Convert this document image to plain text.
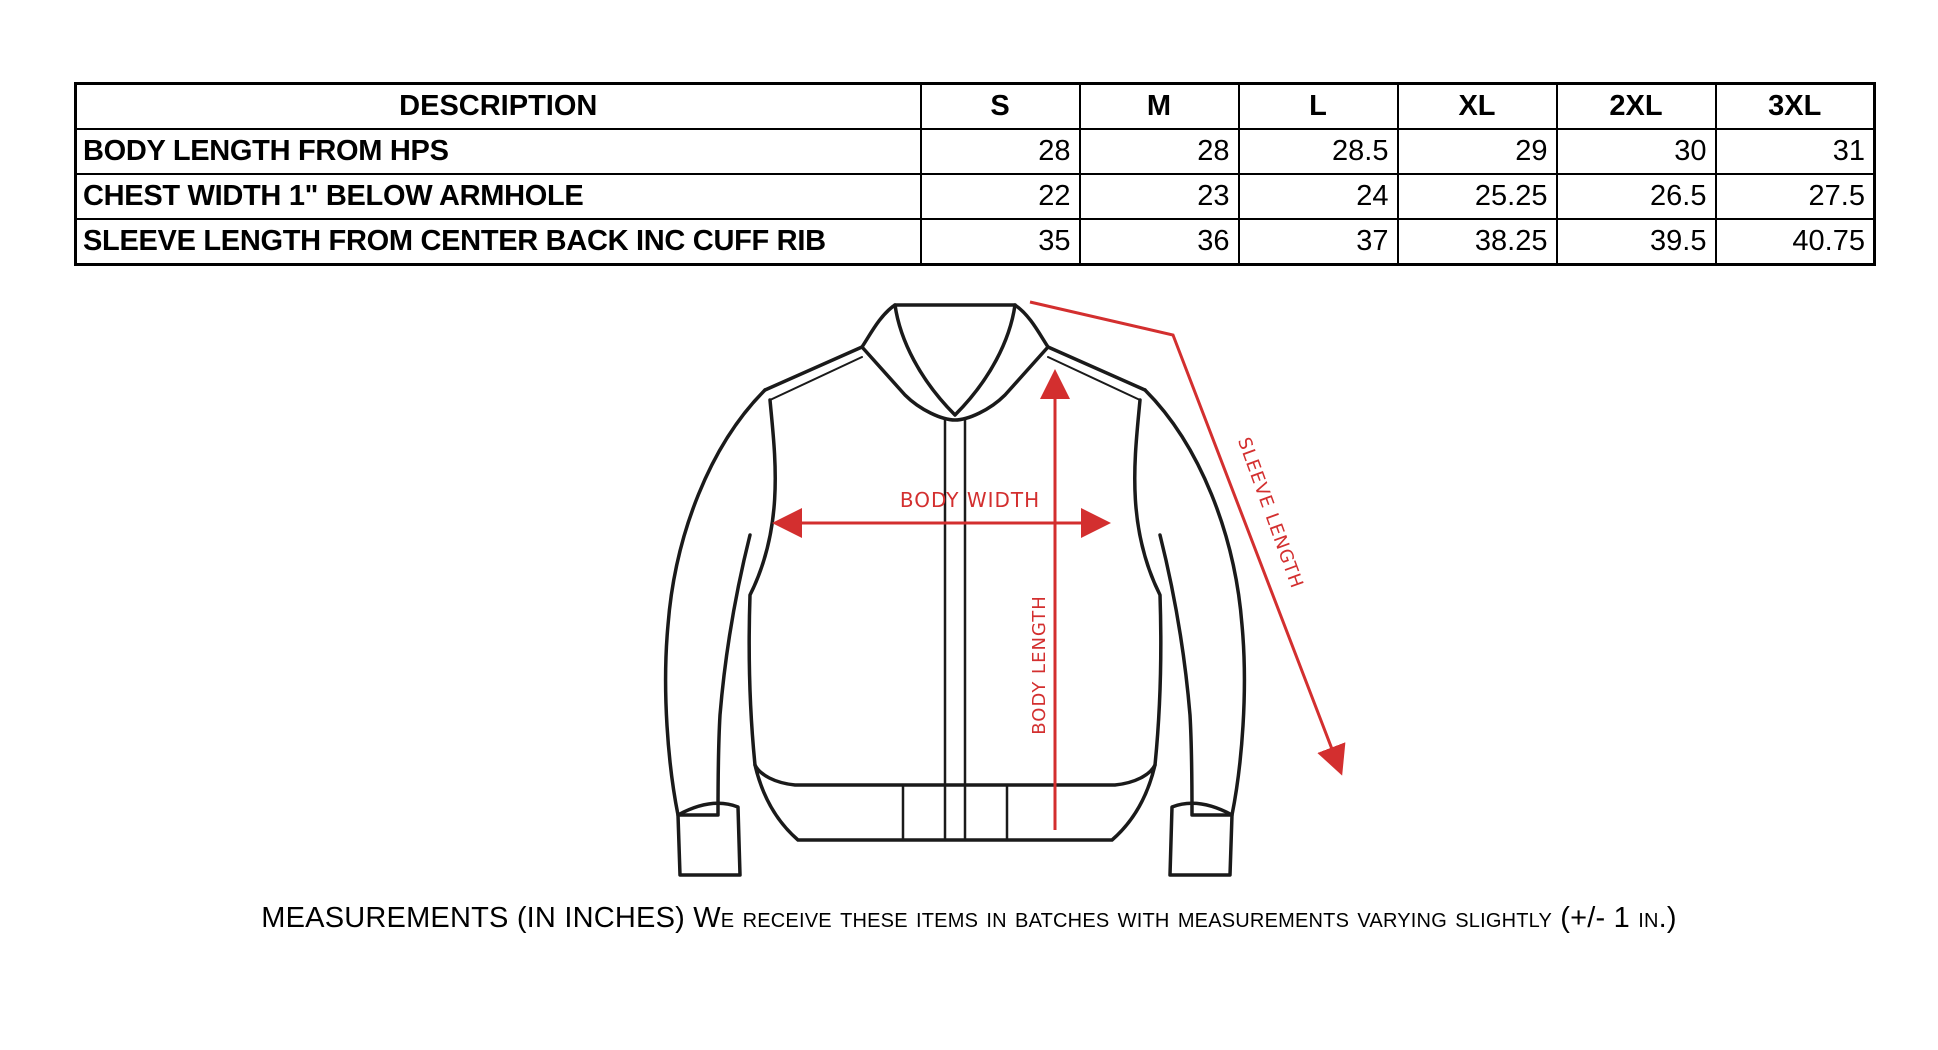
DESCRIPTION	S	M	L	XL	2XL	3XL
BODY LENGTH FROM HPS	28	28	28.5	29	30	31
CHEST WIDTH 1" BELOW ARMHOLE	22	23	24	25.25	26.5	27.5
SLEEVE LENGTH FROM CENTER BACK INC CUFF RIB	35	36	37	38.25	39.5	40.75
BODY WIDTH
BODY LENGTH
SLEEVE LENGTH
MEASUREMENTS (IN INCHES) We receive these items in batches with measurements varying slightly (+/- 1 in.)
